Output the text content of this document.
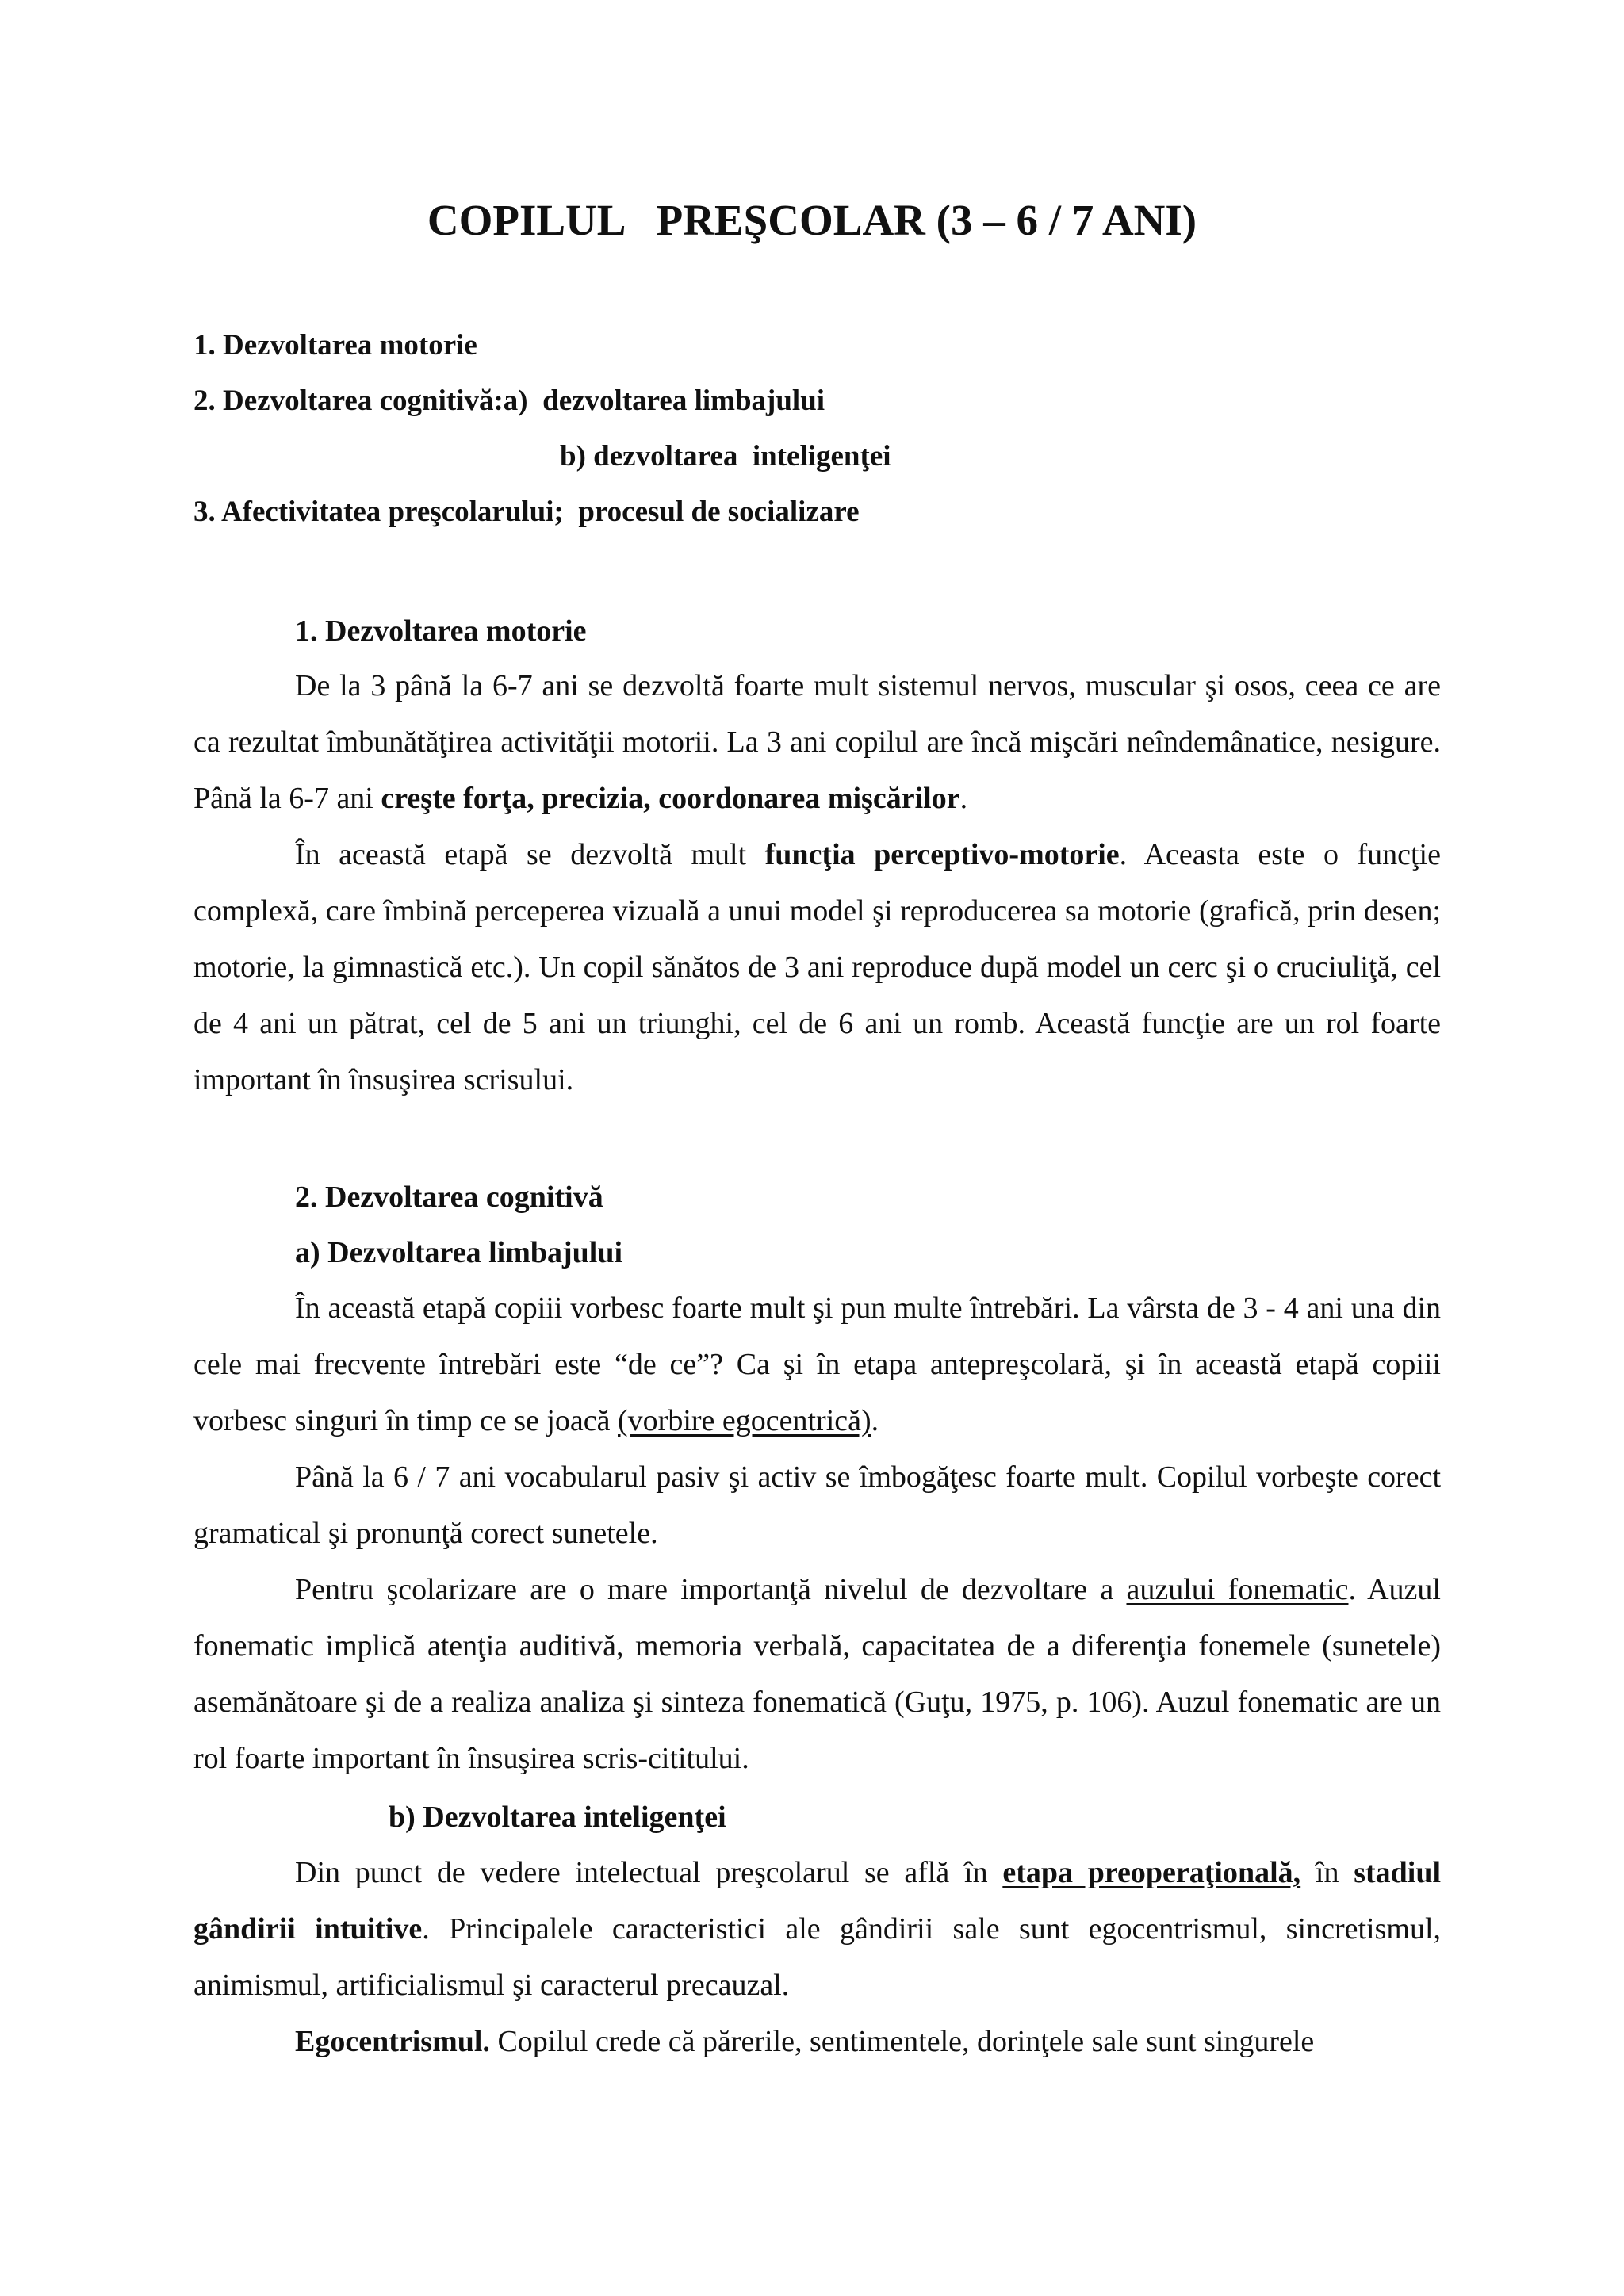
COPILUL   PREŞCOLAR (3 – 6 / 7 ANI)
1. Dezvoltarea motorie
2. Dezvoltarea cognitivă:a)  dezvoltarea limbajului
b) dezvoltarea  inteligenţei
3. Afectivitatea preşcolarului;  procesul de socializare
1. Dezvoltarea motorie

De la 3 până la 6-7 ani se dezvoltă foarte mult sistemul nervos, muscular şi osos, ceea ce are ca rezultat îmbunătăţirea activităţii motorii. La 3 ani copilul are încă mişcări neîndemânatice, nesigure. Până la 6-7 ani creşte forţa, precizia, coordonarea mişcărilor.

În această etapă se dezvoltă mult funcţia perceptivo-motorie. Aceasta este o funcţie complexă, care îmbină perceperea vizuală a unui model şi reproducerea sa motorie (grafică, prin desen; motorie, la gimnastică etc.). Un copil sănătos de 3 ani reproduce după model un cerc şi o cruciuliţă, cel de 4 ani un pătrat, cel de 5 ani un triunghi, cel de 6 ani un romb. Această funcţie are un rol foarte important în însuşirea scrisului.

2. Dezvoltarea cognitivă
a) Dezvoltarea limbajului

În această etapă copiii vorbesc foarte mult şi pun multe întrebări. La vârsta de 3 - 4 ani una din cele mai frecvente întrebări este “de ce”? Ca şi în etapa antepreşcolară, şi în această etapă copiii vorbesc singuri în timp ce se joacă (vorbire egocentrică).

Până la 6 / 7 ani vocabularul pasiv şi activ se îmbogăţesc foarte mult. Copilul vorbeşte corect gramatical şi pronunţă corect sunetele.

Pentru şcolarizare are o mare importanţă nivelul de dezvoltare a auzului fonematic. Auzul fonematic implică atenţia auditivă, memoria verbală, capacitatea de a diferenţia fonemele (sunetele) asemănătoare şi de a realiza analiza şi sinteza fonematică (Guţu, 1975, p. 106). Auzul fonematic are un rol foarte important în însuşirea scris-cititului.

b) Dezvoltarea inteligenţei

Din punct de vedere intelectual preşcolarul se află în etapa preoperaţională, în stadiul gândirii intuitive. Principalele caracteristici ale gândirii sale sunt egocentrismul, sincretismul, animismul, artificialismul şi caracterul precauzal.

Egocentrismul. Copilul crede că părerile, sentimentele, dorinţele sale sunt singurele
